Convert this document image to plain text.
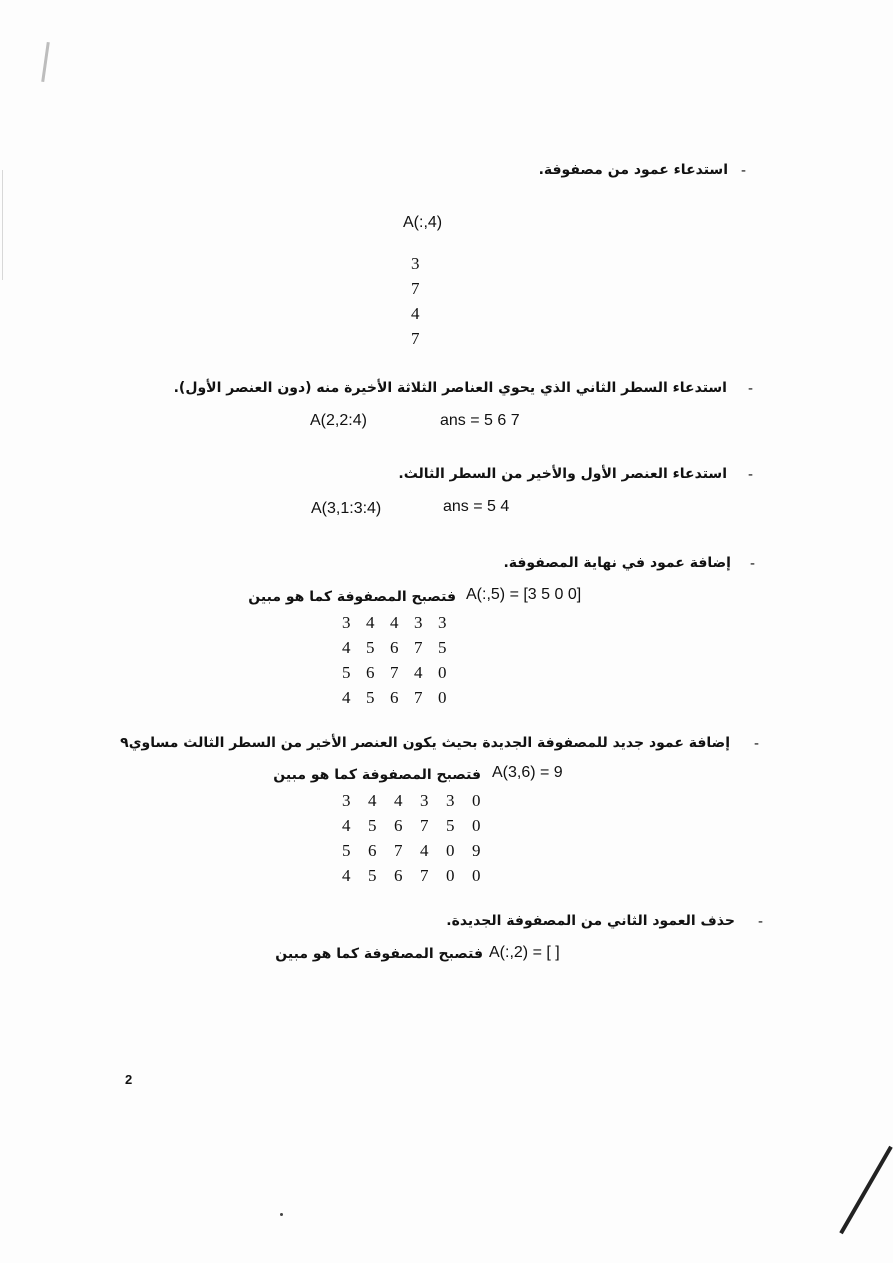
-
استدعاء عمود من مصفوفة.
A(:,4)
3
7
4
7
-
استدعاء السطر الثاني الذي يحوي العناصر الثلاثة الأخيرة منه (دون العنصر الأول).
A(2,2:4)	ans = 5 6 7
-
استدعاء العنصر الأول والأخير من السطر الثالث.
A(3,1:3:4)	ans = 5 4
-
إضافة عمود في نهاية المصفوفة.
A(:,5) = [3 5 0 0]
فتصبح المصفوفة كما هو مبين
3	4	4	3	3
4	5	6	7	5
5	6	7	4	0
4	5	6	7	0
-
إضافة عمود جديد للمصفوفة الجديدة بحيث يكون العنصر الأخير من السطر الثالث مساوي٩
A(3,6) = 9
فتصبح المصفوفة كما هو مبين
3	4	4	3	3	0
4	5	6	7	5	0
5	6	7	4	0	9
4	5	6	7	0	0
-
حذف العمود الثاني من المصفوفة الجديدة.
A(:,2) = [ ]
فتصبح المصفوفة كما هو مبين
2
